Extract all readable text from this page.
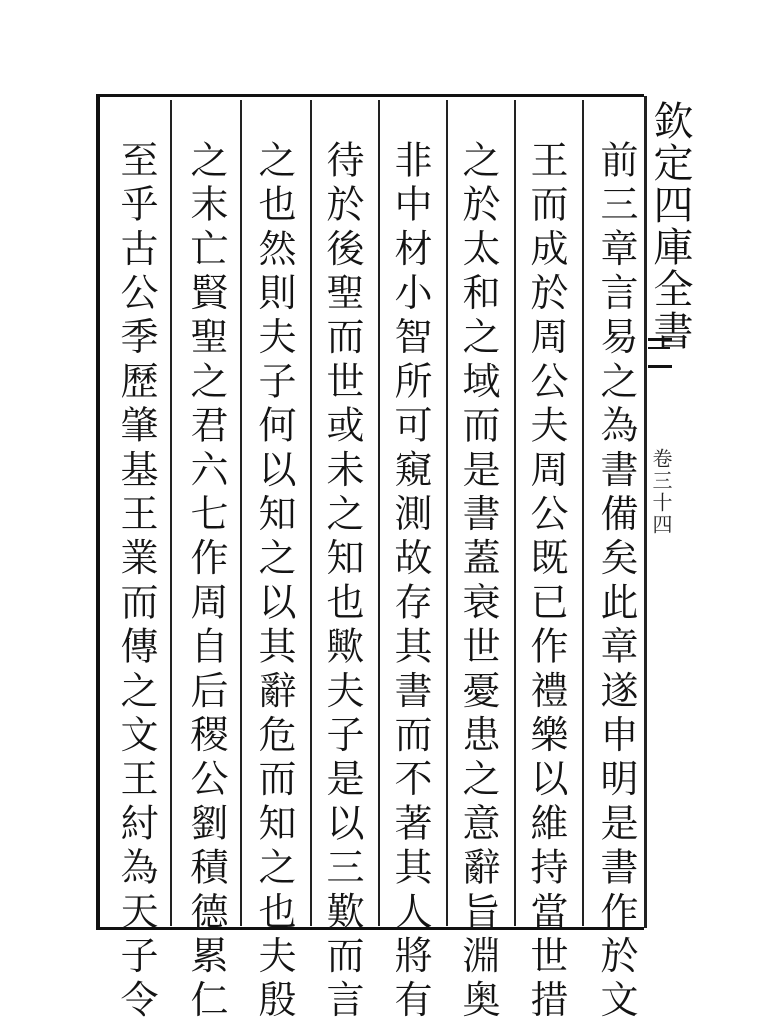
欽定四庫全書
卷三十四
前三章言易之為書備矣此章遂申明是書作於文
王而成於周公夫周公既已作禮樂以維持當世措
之於太和之域而是書蓋衰世憂患之意辭旨淵奥
非中材小智所可窺測故存其書而不著其人將有
待於後聖而世或未之知也歟夫子是以三歎而言
之也然則夫子何以知之以其辭危而知之也夫殷
之末亡賢聖之君六七作周自后稷公劉積德累仁
至乎古公季歷肇基王業而傳之文王紂為天子令
